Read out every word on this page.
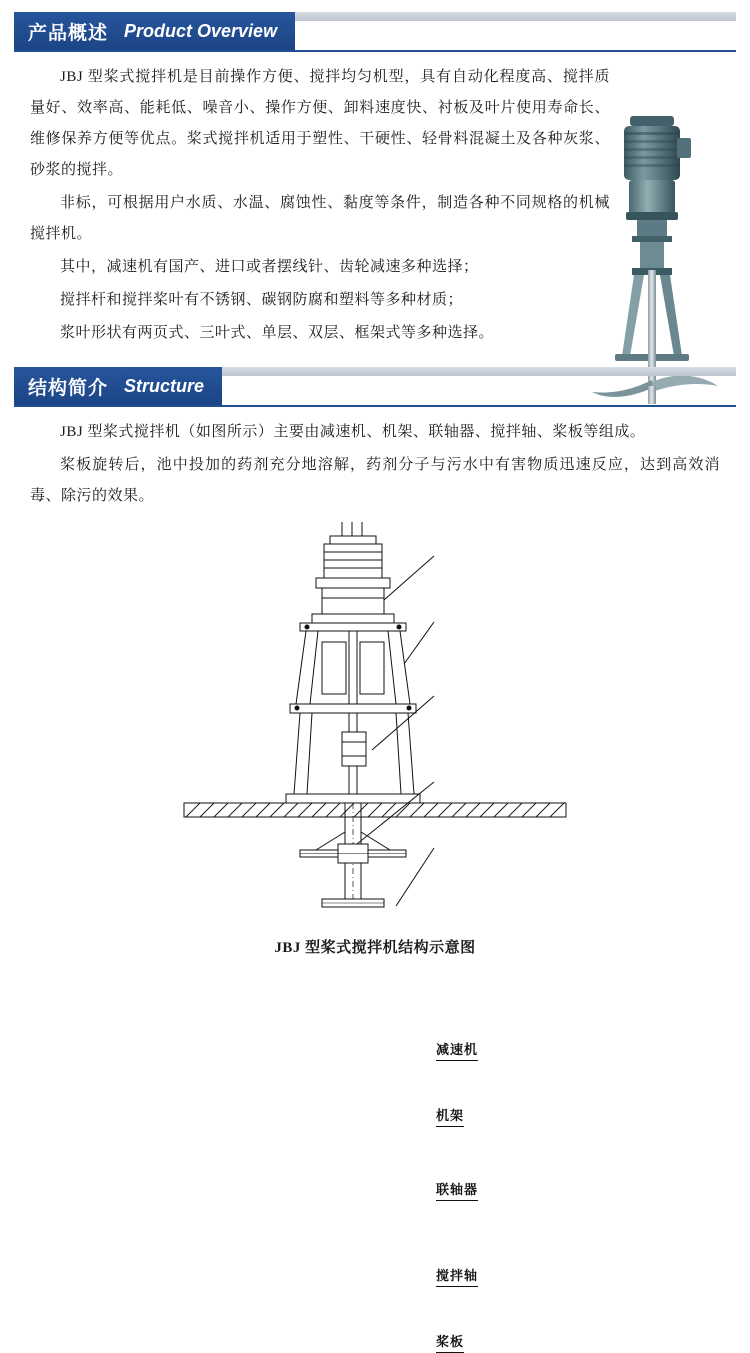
产品概述 Product Overview

JBJ 型桨式搅拌机是目前操作方便、搅拌均匀机型，具有自动化程度高、搅拌质量好、效率高、能耗低、噪音小、操作方便、卸料速度快、衬板及叶片使用寿命长、维修保养方便等优点。桨式搅拌机适用于塑性、干硬性、轻骨料混凝土及各种灰浆、砂浆的搅拌。

非标，可根据用户水质、水温、腐蚀性、黏度等条件，制造各种不同规格的机械搅拌机。

其中，减速机有国产、进口或者摆线针、齿轮减速多种选择；

搅拌杆和搅拌桨叶有不锈钢、碳钢防腐和塑料等多种材质；

浆叶形状有两页式、三叶式、单层、双层、框架式等多种选择。

结构简介 Structure

JBJ 型桨式搅拌机（如图所示）主要由减速机、机架、联轴器、搅拌轴、桨板等组成。

桨板旋转后，池中投加的药剂充分地溶解，药剂分子与污水中有害物质迅速反应，达到高效消毒、除污的效果。

减速机
机架
联轴器
搅拌轴
桨板
JBJ 型桨式搅拌机结构示意图
